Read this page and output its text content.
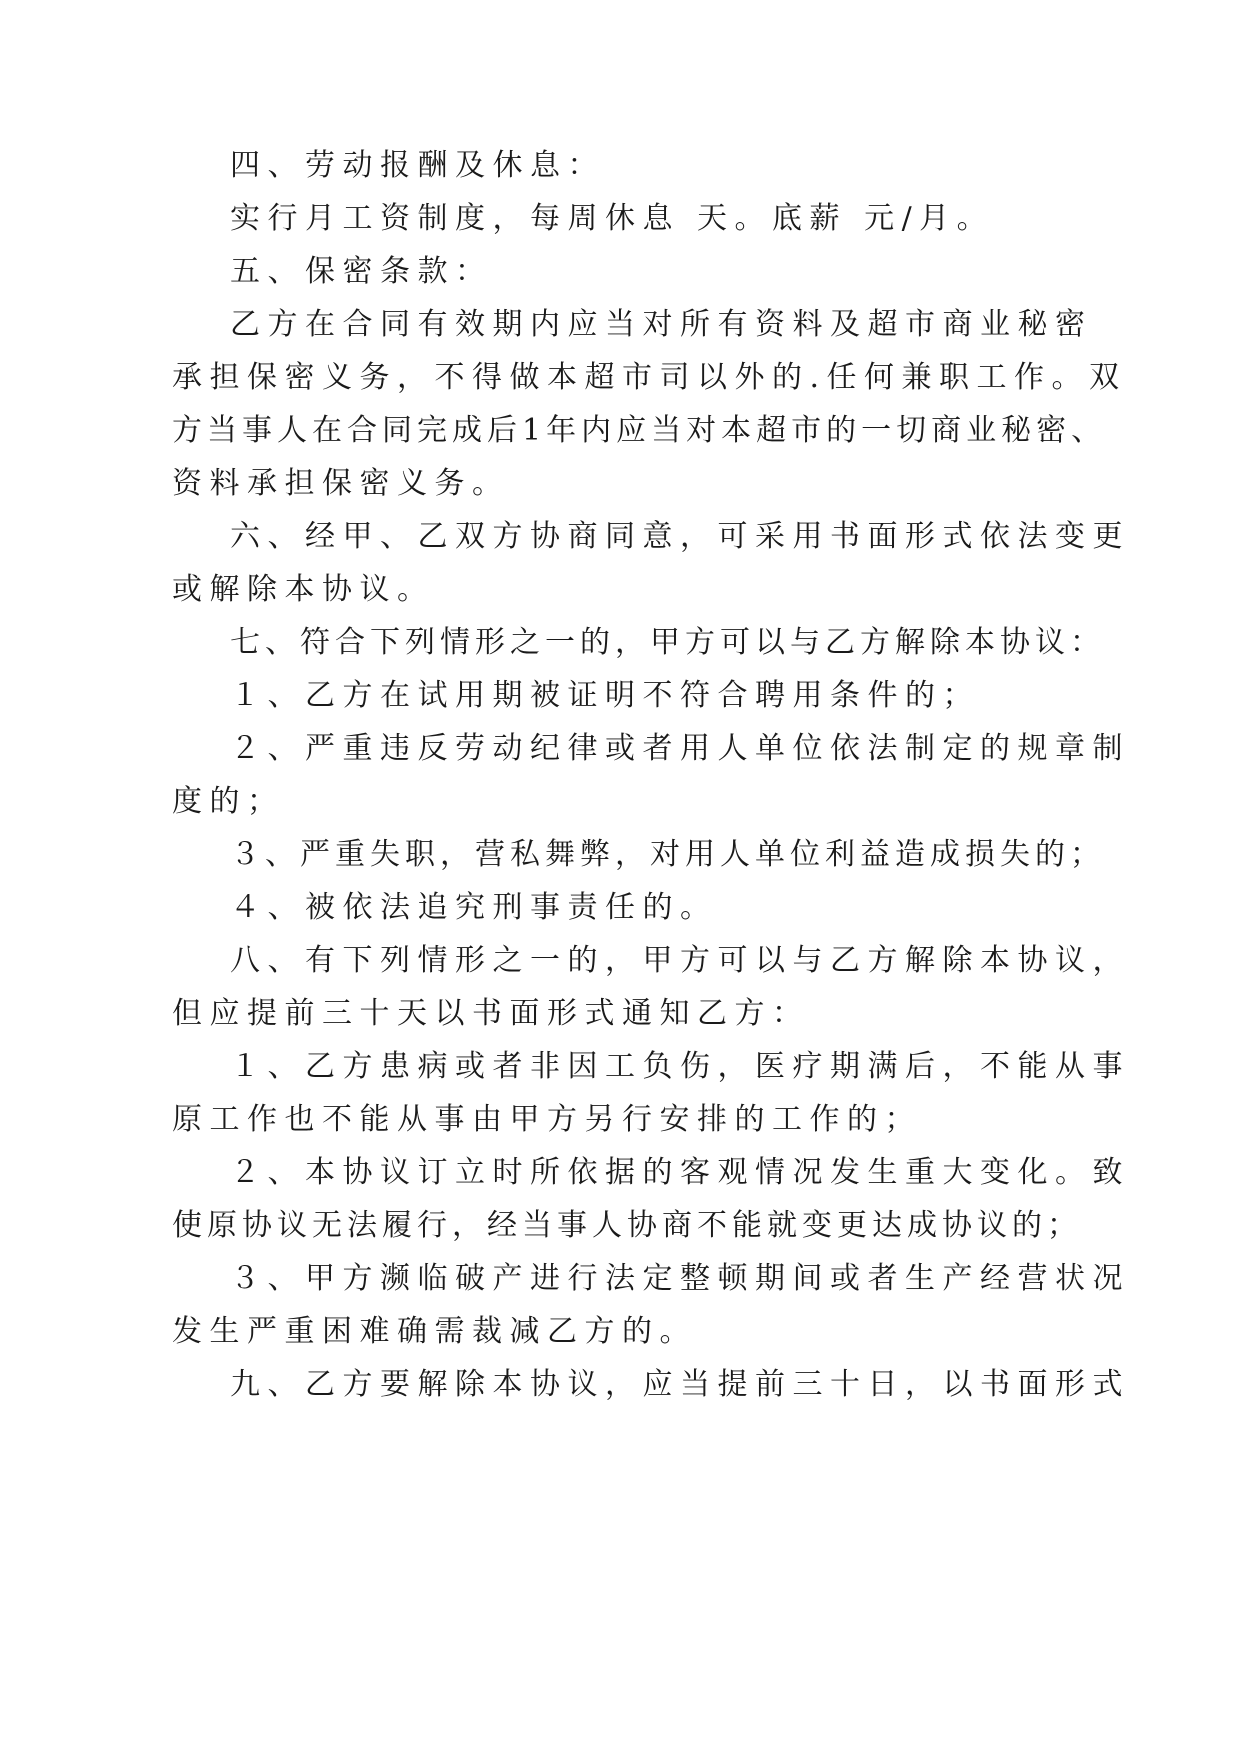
四、劳动报酬及休息：
实行月工资制度，每周休息 天。底薪 元/月。
五、保密条款：
乙方在合同有效期内应当对所有资料及超市商业秘密
承担保密义务，不得做本超市司以外的.任何兼职工作。双
方当事人在合同完成后1年内应当对本超市的一切商业秘密、
资料承担保密义务。
六、经甲、乙双方协商同意，可采用书面形式依法变更
或解除本协议。
七、符合下列情形之一的，甲方可以与乙方解除本协议：
１、乙方在试用期被证明不符合聘用条件的；
２、严重违反劳动纪律或者用人单位依法制定的规章制
度的；
３、严重失职，营私舞弊，对用人单位利益造成损失的；
４、被依法追究刑事责任的。
八、有下列情形之一的，甲方可以与乙方解除本协议，
但应提前三十天以书面形式通知乙方：
１、乙方患病或者非因工负伤，医疗期满后，不能从事
原工作也不能从事由甲方另行安排的工作的；
２、本协议订立时所依据的客观情况发生重大变化。致
使原协议无法履行，经当事人协商不能就变更达成协议的；
３、甲方濒临破产进行法定整顿期间或者生产经营状况
发生严重困难确需裁减乙方的。
九、乙方要解除本协议，应当提前三十日，以书面形式
